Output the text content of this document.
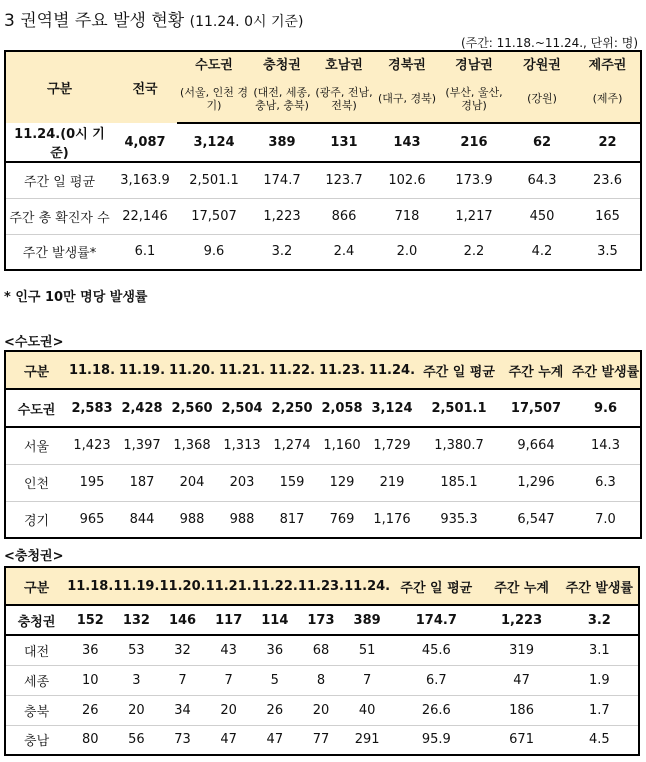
3 권역별 주요 발생 현황 (11.24. 0시 기준)
(주간: 11.18.~11.24., 단위: 명)
구분	전국	수도권	충청권	호남권	경북권	경남권	강원권	제주권
		(서울, 인천 경기)	(대전, 세종, 충남, 충북)	(광주, 전남, 전북)	(대구, 경북)	(부산, 울산, 경남)	(강원)	(제주)
11.24.(0시 기준)	4,087	3,124	389	131	143	216	62	22
주간 일 평균	3,163.9	2,501.1	174.7	123.7	102.6	173.9	64.3	23.6
주간 총 확진자 수	22,146	17,507	1,223	866	718	1,217	450	165
주간 발생률*	6.1	9.6	3.2	2.4	2.0	2.2	4.2	3.5
* 인구 10만 명당 발생률
<수도권>
구분	11.18.	11.19.	11.20.	11.21.	11.22.	11.23.	11.24.	주간 일 평균	주간 누계	주간 발생률
수도권	2,583	2,428	2,560	2,504	2,250	2,058	3,124	2,501.1	17,507	9.6
서울	1,423	1,397	1,368	1,313	1,274	1,160	1,729	1,380.7	9,664	14.3
인천	195	187	204	203	159	129	219	185.1	1,296	6.3
경기	965	844	988	988	817	769	1,176	935.3	6,547	7.0
<충청권>
구분	11.18.	11.19.	11.20.	11.21.	11.22.	11.23.	11.24.	주간 일 평균	주간 누계	주간 발생률
충청권	152	132	146	117	114	173	389	174.7	1,223	3.2
대전	36	53	32	43	36	68	51	45.6	319	3.1
세종	10	3	7	7	5	8	7	6.7	47	1.9
충북	26	20	34	20	26	20	40	26.6	186	1.7
충남	80	56	73	47	47	77	291	95.9	671	4.5
